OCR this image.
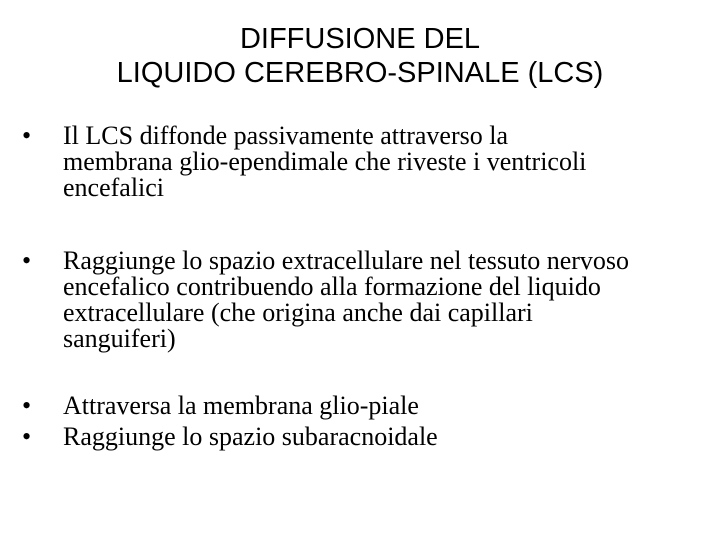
DIFFUSIONE DEL
LIQUIDO CEREBRO-SPINALE (LCS)
• Il LCS diffonde passivamente attraverso la
membrana glio-ependimale che riveste i ventricoli
encefalici
• Raggiunge lo spazio extracellulare nel tessuto nervoso
encefalico contribuendo alla formazione del liquido
extracellulare (che origina anche dai capillari
sanguiferi)
• Attraversa la membrana glio-piale
• Raggiunge lo spazio subaracnoidale
